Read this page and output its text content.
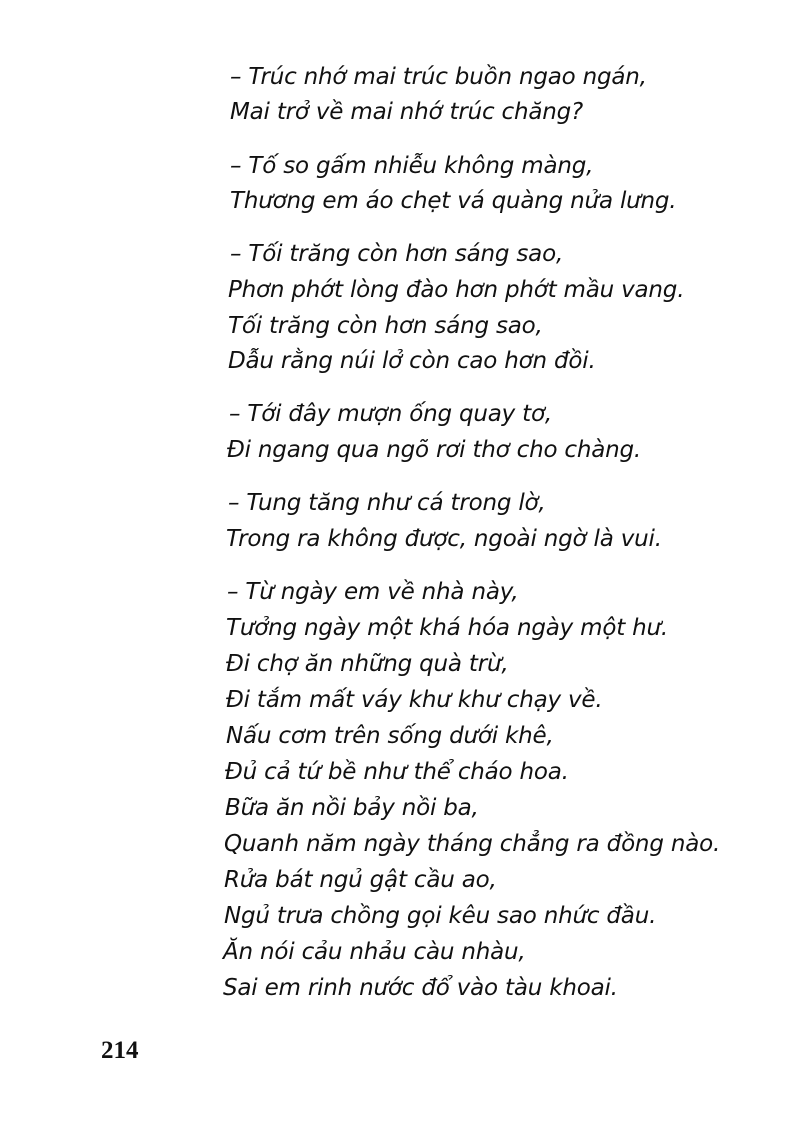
– Trúc nhớ mai trúc buồn ngao ngán,
Mai trở về mai nhớ trúc chăng?
– Tố so gấm nhiễu không màng,
Thương em áo chẹt vá quàng nửa lưng.
– Tối trăng còn hơn sáng sao,
Phơn phớt lòng đào hơn phớt mầu vang.
Tối trăng còn hơn sáng sao,
Dẫu rằng núi lở còn cao hơn đồi.
– Tới đây mượn ống quay tơ,
Đi ngang qua ngõ rơi thơ cho chàng.
– Tung tăng như cá trong lờ,
Trong ra không được, ngoài ngờ là vui.
– Từ ngày em về nhà này,
Tưởng ngày một khá hóa ngày một hư.
Đi chợ ăn những quà trừ,
Đi tắm mất váy khư khư chạy về.
Nấu cơm trên sống dưới khê,
Đủ cả tứ bề như thể cháo hoa.
Bữa ăn nồi bảy nồi ba,
Quanh năm ngày tháng chẳng ra đồng nào.
Rửa bát ngủ gật cầu ao,
Ngủ trưa chồng gọi kêu sao nhức đầu.
Ăn nói cảu nhảu càu nhàu,
Sai em rinh nước đổ vào tàu khoai.
214
